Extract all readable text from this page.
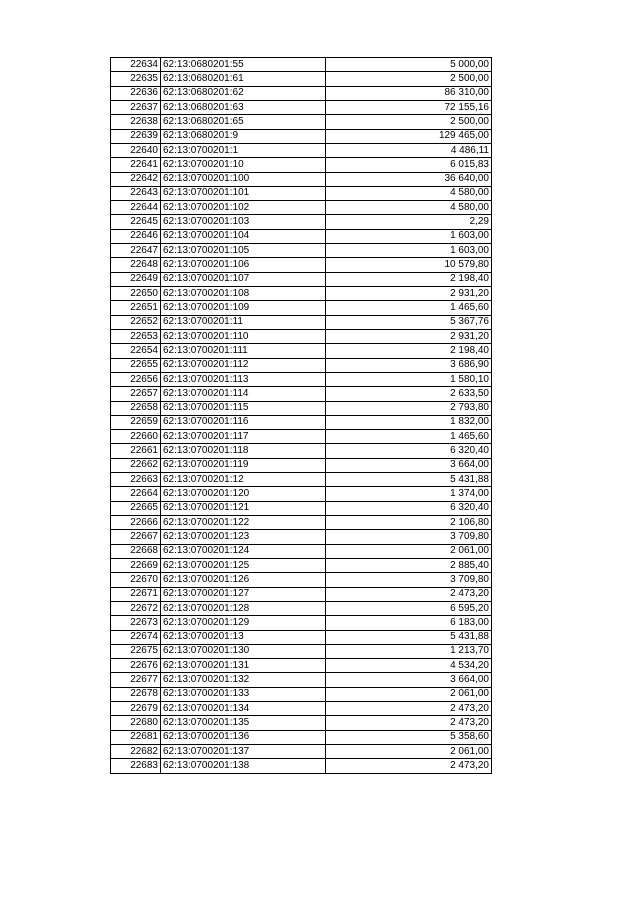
22634	62:13:0680201:55	5 000,00
22635	62:13:0680201:61	2 500,00
22636	62:13:0680201:62	86 310,00
22637	62:13:0680201:63	72 155,16
22638	62:13:0680201:65	2 500,00
22639	62:13:0680201:9	129 465,00
22640	62:13:0700201:1	4 486,11
22641	62:13:0700201:10	6 015,83
22642	62:13:0700201:100	36 640,00
22643	62:13:0700201:101	4 580,00
22644	62:13:0700201:102	4 580,00
22645	62:13:0700201:103	2,29
22646	62:13:0700201:104	1 603,00
22647	62:13:0700201:105	1 603,00
22648	62:13:0700201:106	10 579,80
22649	62:13:0700201:107	2 198,40
22650	62:13:0700201:108	2 931,20
22651	62:13:0700201:109	1 465,60
22652	62:13:0700201:11	5 367,76
22653	62:13:0700201:110	2 931,20
22654	62:13:0700201:111	2 198,40
22655	62:13:0700201:112	3 686,90
22656	62:13:0700201:113	1 580,10
22657	62:13:0700201:114	2 633,50
22658	62:13:0700201:115	2 793,80
22659	62:13:0700201:116	1 832,00
22660	62:13:0700201:117	1 465,60
22661	62:13:0700201:118	6 320,40
22662	62:13:0700201:119	3 664,00
22663	62:13:0700201:12	5 431,88
22664	62:13:0700201:120	1 374,00
22665	62:13:0700201:121	6 320,40
22666	62:13:0700201:122	2 106,80
22667	62:13:0700201:123	3 709,80
22668	62:13:0700201:124	2 061,00
22669	62:13:0700201:125	2 885,40
22670	62:13:0700201:126	3 709,80
22671	62:13:0700201:127	2 473,20
22672	62:13:0700201:128	6 595,20
22673	62:13:0700201:129	6 183,00
22674	62:13:0700201:13	5 431,88
22675	62:13:0700201:130	1 213,70
22676	62:13:0700201:131	4 534,20
22677	62:13:0700201:132	3 664,00
22678	62:13:0700201:133	2 061,00
22679	62:13:0700201:134	2 473,20
22680	62:13:0700201:135	2 473,20
22681	62:13:0700201:136	5 358,60
22682	62:13:0700201:137	2 061,00
22683	62:13:0700201:138	2 473,20
